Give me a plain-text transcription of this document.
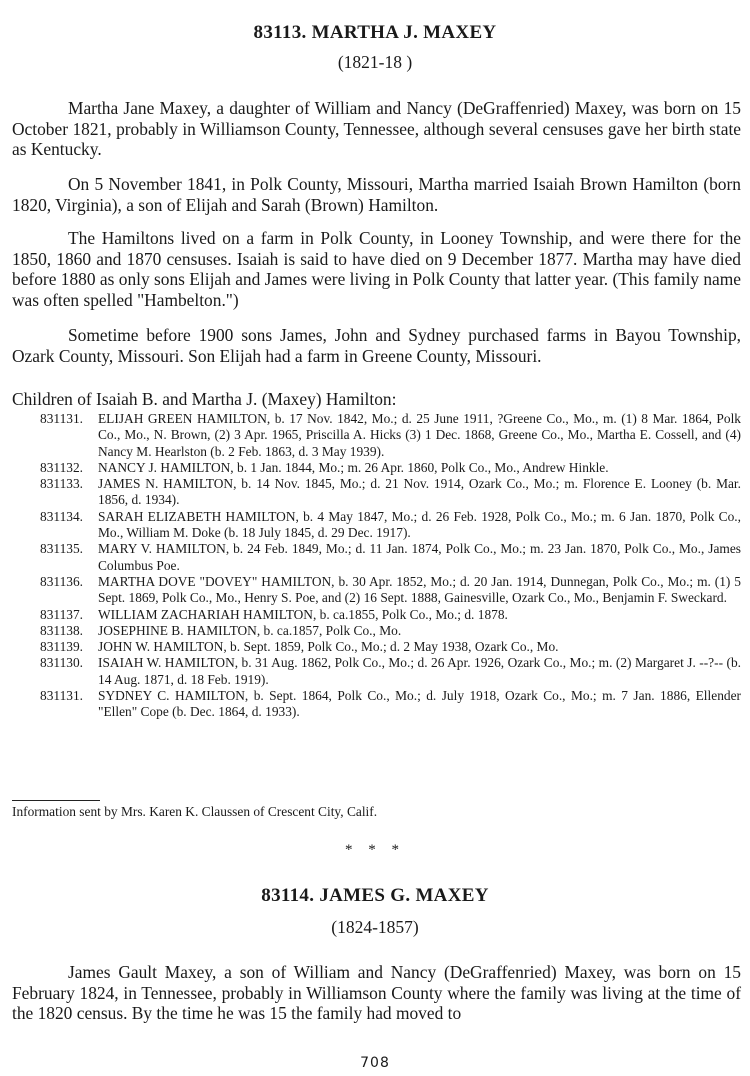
83113. MARTHA J. MAXEY
(1821-18 )

Martha Jane Maxey, a daughter of William and Nancy (DeGraffenried) Maxey, was born on 15 October 1821, probably in Williamson County, Tennessee, although several censuses gave her birth state as Kentucky.

On 5 November 1841, in Polk County, Missouri, Martha married Isaiah Brown Hamilton (born 1820, Virginia), a son of Elijah and Sarah (Brown) Hamilton.

The Hamiltons lived on a farm in Polk County, in Looney Township, and were there for the 1850, 1860 and 1870 censuses. Isaiah is said to have died on 9 December 1877. Martha may have died before 1880 as only sons Elijah and James were living in Polk County that latter year. (This family name was often spelled "Hambelton.")

Sometime before 1900 sons James, John and Sydney purchased farms in Bayou Township, Ozark County, Missouri. Son Elijah had a farm in Greene County, Missouri.

Children of Isaiah B. and Martha J. (Maxey) Hamilton:
831131.	ELIJAH GREEN HAMILTON, b. 17 Nov. 1842, Mo.; d. 25 June 1911, ?Greene Co., Mo., m. (1) 8 Mar. 1864, Polk Co., Mo., N. Brown, (2) 3 Apr. 1965, Priscilla A. Hicks (3) 1 Dec. 1868, Greene Co., Mo., Martha E. Cossell, and (4) Nancy M. Hearlston (b. 2 Feb. 1863, d. 3 May 1939).
831132.	NANCY J. HAMILTON, b. 1 Jan. 1844, Mo.; m. 26 Apr. 1860, Polk Co., Mo., Andrew Hinkle.
831133.	JAMES N. HAMILTON, b. 14 Nov. 1845, Mo.; d. 21 Nov. 1914, Ozark Co., Mo.; m. Florence E. Looney (b. Mar. 1856, d. 1934).
831134.	SARAH ELIZABETH HAMILTON, b. 4 May 1847, Mo.; d. 26 Feb. 1928, Polk Co., Mo.; m. 6 Jan. 1870, Polk Co., Mo., William M. Doke (b. 18 July 1845, d. 29 Dec. 1917).
831135.	MARY V. HAMILTON, b. 24 Feb. 1849, Mo.; d. 11 Jan. 1874, Polk Co., Mo.; m. 23 Jan. 1870, Polk Co., Mo., James Columbus Poe.
831136.	MARTHA DOVE "DOVEY" HAMILTON, b. 30 Apr. 1852, Mo.; d. 20 Jan. 1914, Dunnegan, Polk Co., Mo.; m. (1) 5 Sept. 1869, Polk Co., Mo., Henry S. Poe, and (2) 16 Sept. 1888, Gainesville, Ozark Co., Mo., Benjamin F. Sweckard.
831137.	WILLIAM ZACHARIAH HAMILTON, b. ca.1855, Polk Co., Mo.; d. 1878.
831138.	JOSEPHINE B. HAMILTON, b. ca.1857, Polk Co., Mo.
831139.	JOHN W. HAMILTON, b. Sept. 1859, Polk Co., Mo.; d. 2 May 1938, Ozark Co., Mo.
831130.	ISAIAH W. HAMILTON, b. 31 Aug. 1862, Polk Co., Mo.; d. 26 Apr. 1926, Ozark Co., Mo.; m. (2) Margaret J. --?-- (b. 14 Aug. 1871, d. 18 Feb. 1919).
831131.	SYDNEY C. HAMILTON, b. Sept. 1864, Polk Co., Mo.; d. July 1918, Ozark Co., Mo.; m. 7 Jan. 1886, Ellender "Ellen" Cope (b. Dec. 1864, d. 1933).
Information sent by Mrs. Karen K. Claussen of Crescent City, Calif.
* * *
83114. JAMES G. MAXEY
(1824-1857)

James Gault Maxey, a son of William and Nancy (DeGraffenried) Maxey, was born on 15 February 1824, in Tennessee, probably in Williamson County where the family was living at the time of the 1820 census. By the time he was 15 the family had moved to

708
